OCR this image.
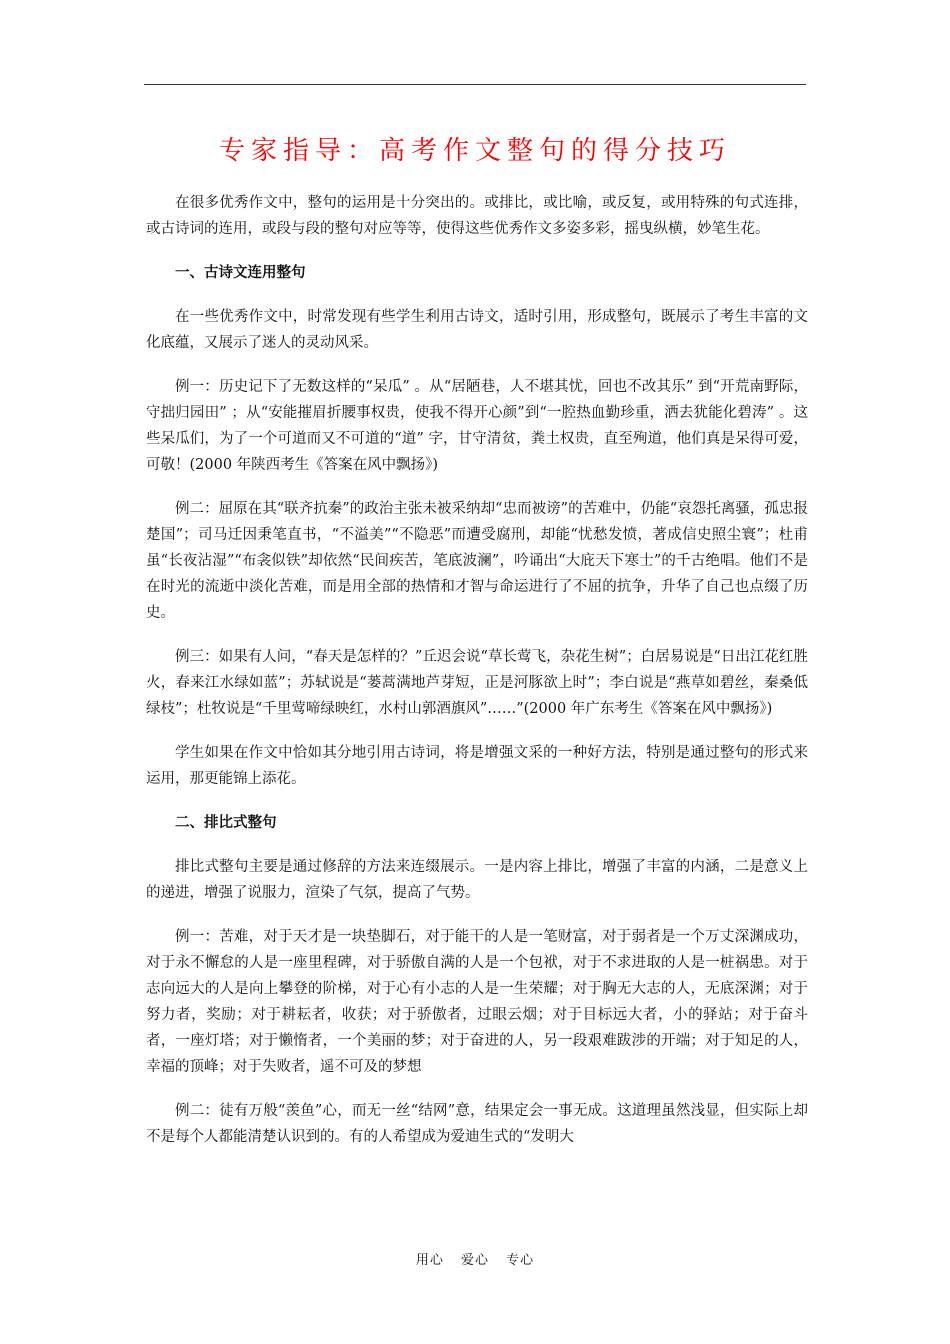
专家指导：高考作文整句的得分技巧

在很多优秀作文中，整句的运用是十分突出的。或排比，或比喻，或反复，或用特殊的句式连排，或古诗词的连用，或段与段的整句对应等等，使得这些优秀作文多姿多彩，摇曳纵横，妙笔生花。

一、古诗文连用整句

在一些优秀作文中，时常发现有些学生利用古诗文，适时引用，形成整句，既展示了考生丰富的文化底蕴，又展示了迷人的灵动风采。

例一：历史记下了无数这样的“呆瓜” 。从“居陋巷，人不堪其忧，回也不改其乐” 到“开荒南野际，守拙归园田” ；从“安能摧眉折腰事权贵，使我不得开心颜”到“一腔热血勤珍重，洒去犹能化碧涛” 。这些呆瓜们，为了一个可道而又不可道的“道” 字，甘守清贫，粪土权贵，直至殉道，他们真是呆得可爱，可敬！(2000 年陕西考生《答案在风中飘扬》)

例二：屈原在其“联齐抗秦”的政治主张未被采纳却“忠而被谤”的苦难中，仍能“哀怨托离骚，孤忠报楚国”；司马迁因秉笔直书，“不溢美”“不隐恶”而遭受腐刑，却能“忧愁发愤，著成信史照尘寰”；杜甫虽“长夜沾湿”“布衾似铁”却依然“民间疾苦，笔底波澜”，吟诵出“大庇天下寒士”的千古绝唱。他们不是在时光的流逝中淡化苦难，而是用全部的热情和才智与命运进行了不屈的抗争，升华了自己也点缀了历史。

例三：如果有人问，“春天是怎样的？”丘迟会说“草长莺飞，杂花生树”；白居易说是“日出江花红胜火，春来江水绿如蓝”；苏轼说是“蒌蒿满地芦芽短，正是河豚欲上时”；李白说是“燕草如碧丝，秦桑低绿枝”；杜牧说是“千里莺啼绿映红，水村山郭酒旗风”……”(2000 年广东考生《答案在风中飘扬》)

学生如果在作文中恰如其分地引用古诗词，将是增强文采的一种好方法，特别是通过整句的形式来运用，那更能锦上添花。

二、排比式整句

排比式整句主要是通过修辞的方法来连缀展示。一是内容上排比，增强了丰富的内涵，二是意义上的递进，增强了说服力，渲染了气氛，提高了气势。

例一：苦难，对于天才是一块垫脚石，对于能干的人是一笔财富，对于弱者是一个万丈深渊成功，对于永不懈怠的人是一座里程碑，对于骄傲自满的人是一个包袱，对于不求进取的人是一桩祸患。对于志向远大的人是向上攀登的阶梯，对于心有小志的人是一生荣耀；对于胸无大志的人，无底深渊；对于努力者，奖励；对于耕耘者，收获；对于骄傲者，过眼云烟；对于目标远大者，小的驿站；对于奋斗者，一座灯塔；对于懒惰者，一个美丽的梦；对于奋进的人，另一段艰难跋涉的开端；对于知足的人，幸福的顶峰；对于失败者，遥不可及的梦想

例二：徒有万般“羡鱼”心，而无一丝“结网”意，结果定会一事无成。这道理虽然浅显，但实际上却不是每个人都能清楚认识到的。有的人希望成为爱迪生式的“发明大

用心 爱心 专心
